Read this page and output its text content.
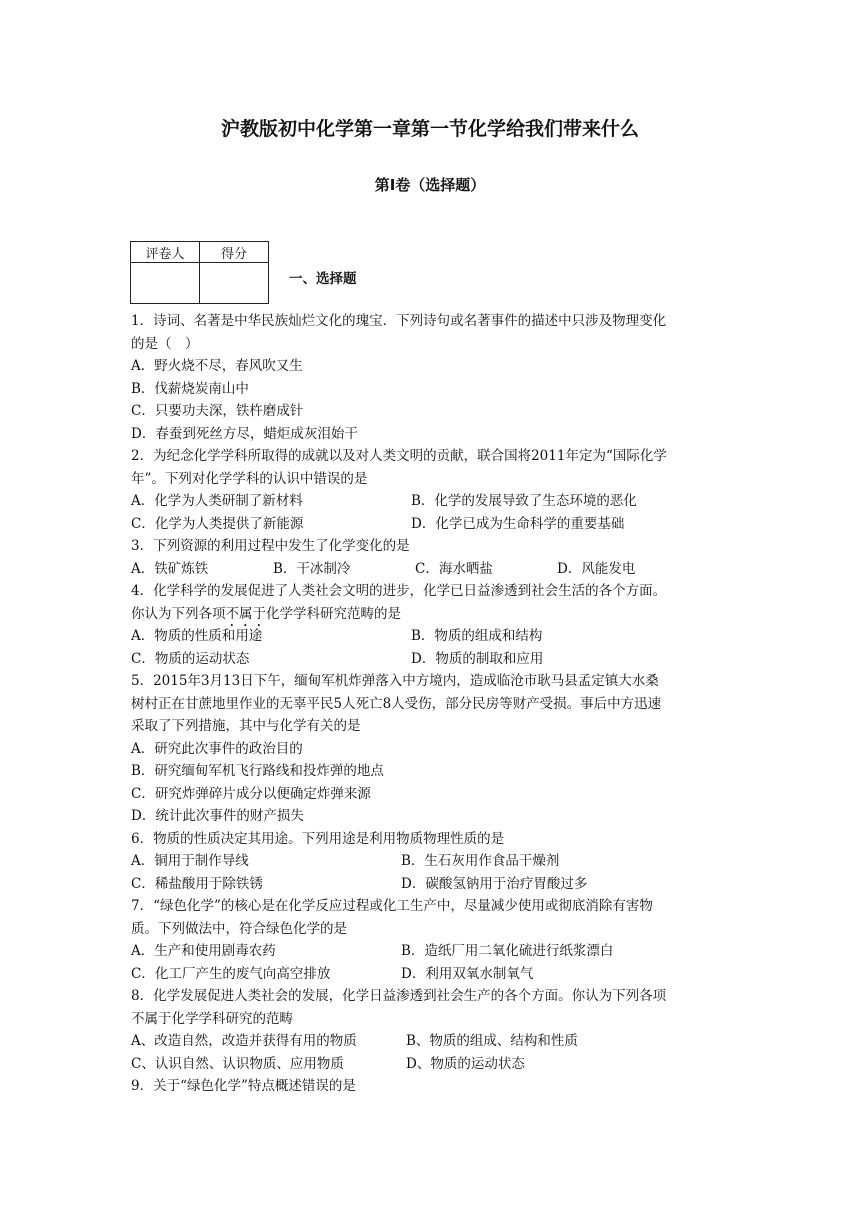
沪教版初中化学第一章第一节化学给我们带来什么
第I卷（选择题）
评卷人	得分

一、选择题
1．诗词、名著是中华民族灿烂文化的瑰宝．下列诗句或名著事件的描述中只涉及物理变化
的是（　）
A．野火烧不尽，春风吹又生
B．伐薪烧炭南山中
C．只要功夫深，铁杵磨成针
D．春蚕到死丝方尽，蜡炬成灰泪始干
2．为纪念化学学科所取得的成就以及对人类文明的贡献，联合国将2011年定为“国际化学
年”。下列对化学学科的认识中错误的是
A．化学为人类研制了新材料	B．化学的发展导致了生态环境的恶化
C．化学为人类提供了新能源	D．化学已成为生命科学的重要基础
3．下列资源的利用过程中发生了化学变化的是
A．铁矿炼铁	B．干冰制冷	C．海水晒盐	D．风能发电
4．化学科学的发展促进了人类社会文明的进步，化学已日益渗透到社会生活的各个方面。
你认为下列各项不属于化学学科研究范畴的是
A．物质的性质和用途	B．物质的组成和结构
C．物质的运动状态	D．物质的制取和应用
5．2015年3月13日下午，缅甸军机炸弹落入中方境内，造成临沧市耿马县孟定镇大水桑
树村正在甘蔗地里作业的无辜平民5人死亡8人受伤，部分民房等财产受损。事后中方迅速
采取了下列措施，其中与化学有关的是
A．研究此次事件的政治目的
B．研究缅甸军机飞行路线和投炸弹的地点
C．研究炸弹碎片成分以便确定炸弹来源
D．统计此次事件的财产损失
6．物质的性质决定其用途。下列用途是利用物质物理性质的是
A．铜用于制作导线	B．生石灰用作食品干燥剂
C．稀盐酸用于除铁锈	D．碳酸氢钠用于治疗胃酸过多
7．“绿色化学”的核心是在化学反应过程或化工生产中，尽量减少使用或彻底消除有害物
质。下列做法中，符合绿色化学的是
A．生产和使用剧毒农药	B．造纸厂用二氧化硫进行纸浆漂白
C．化工厂产生的废气向高空排放	D．利用双氧水制氧气
8．化学发展促进人类社会的发展，化学日益渗透到社会生产的各个方面。你认为下列各项
不属于化学学科研究的范畴
A、改造自然，改造并获得有用的物质	B、物质的组成、结构和性质
C、认识自然、认识物质、应用物质	D、物质的运动状态
9．关于“绿色化学”特点概述错误的是
